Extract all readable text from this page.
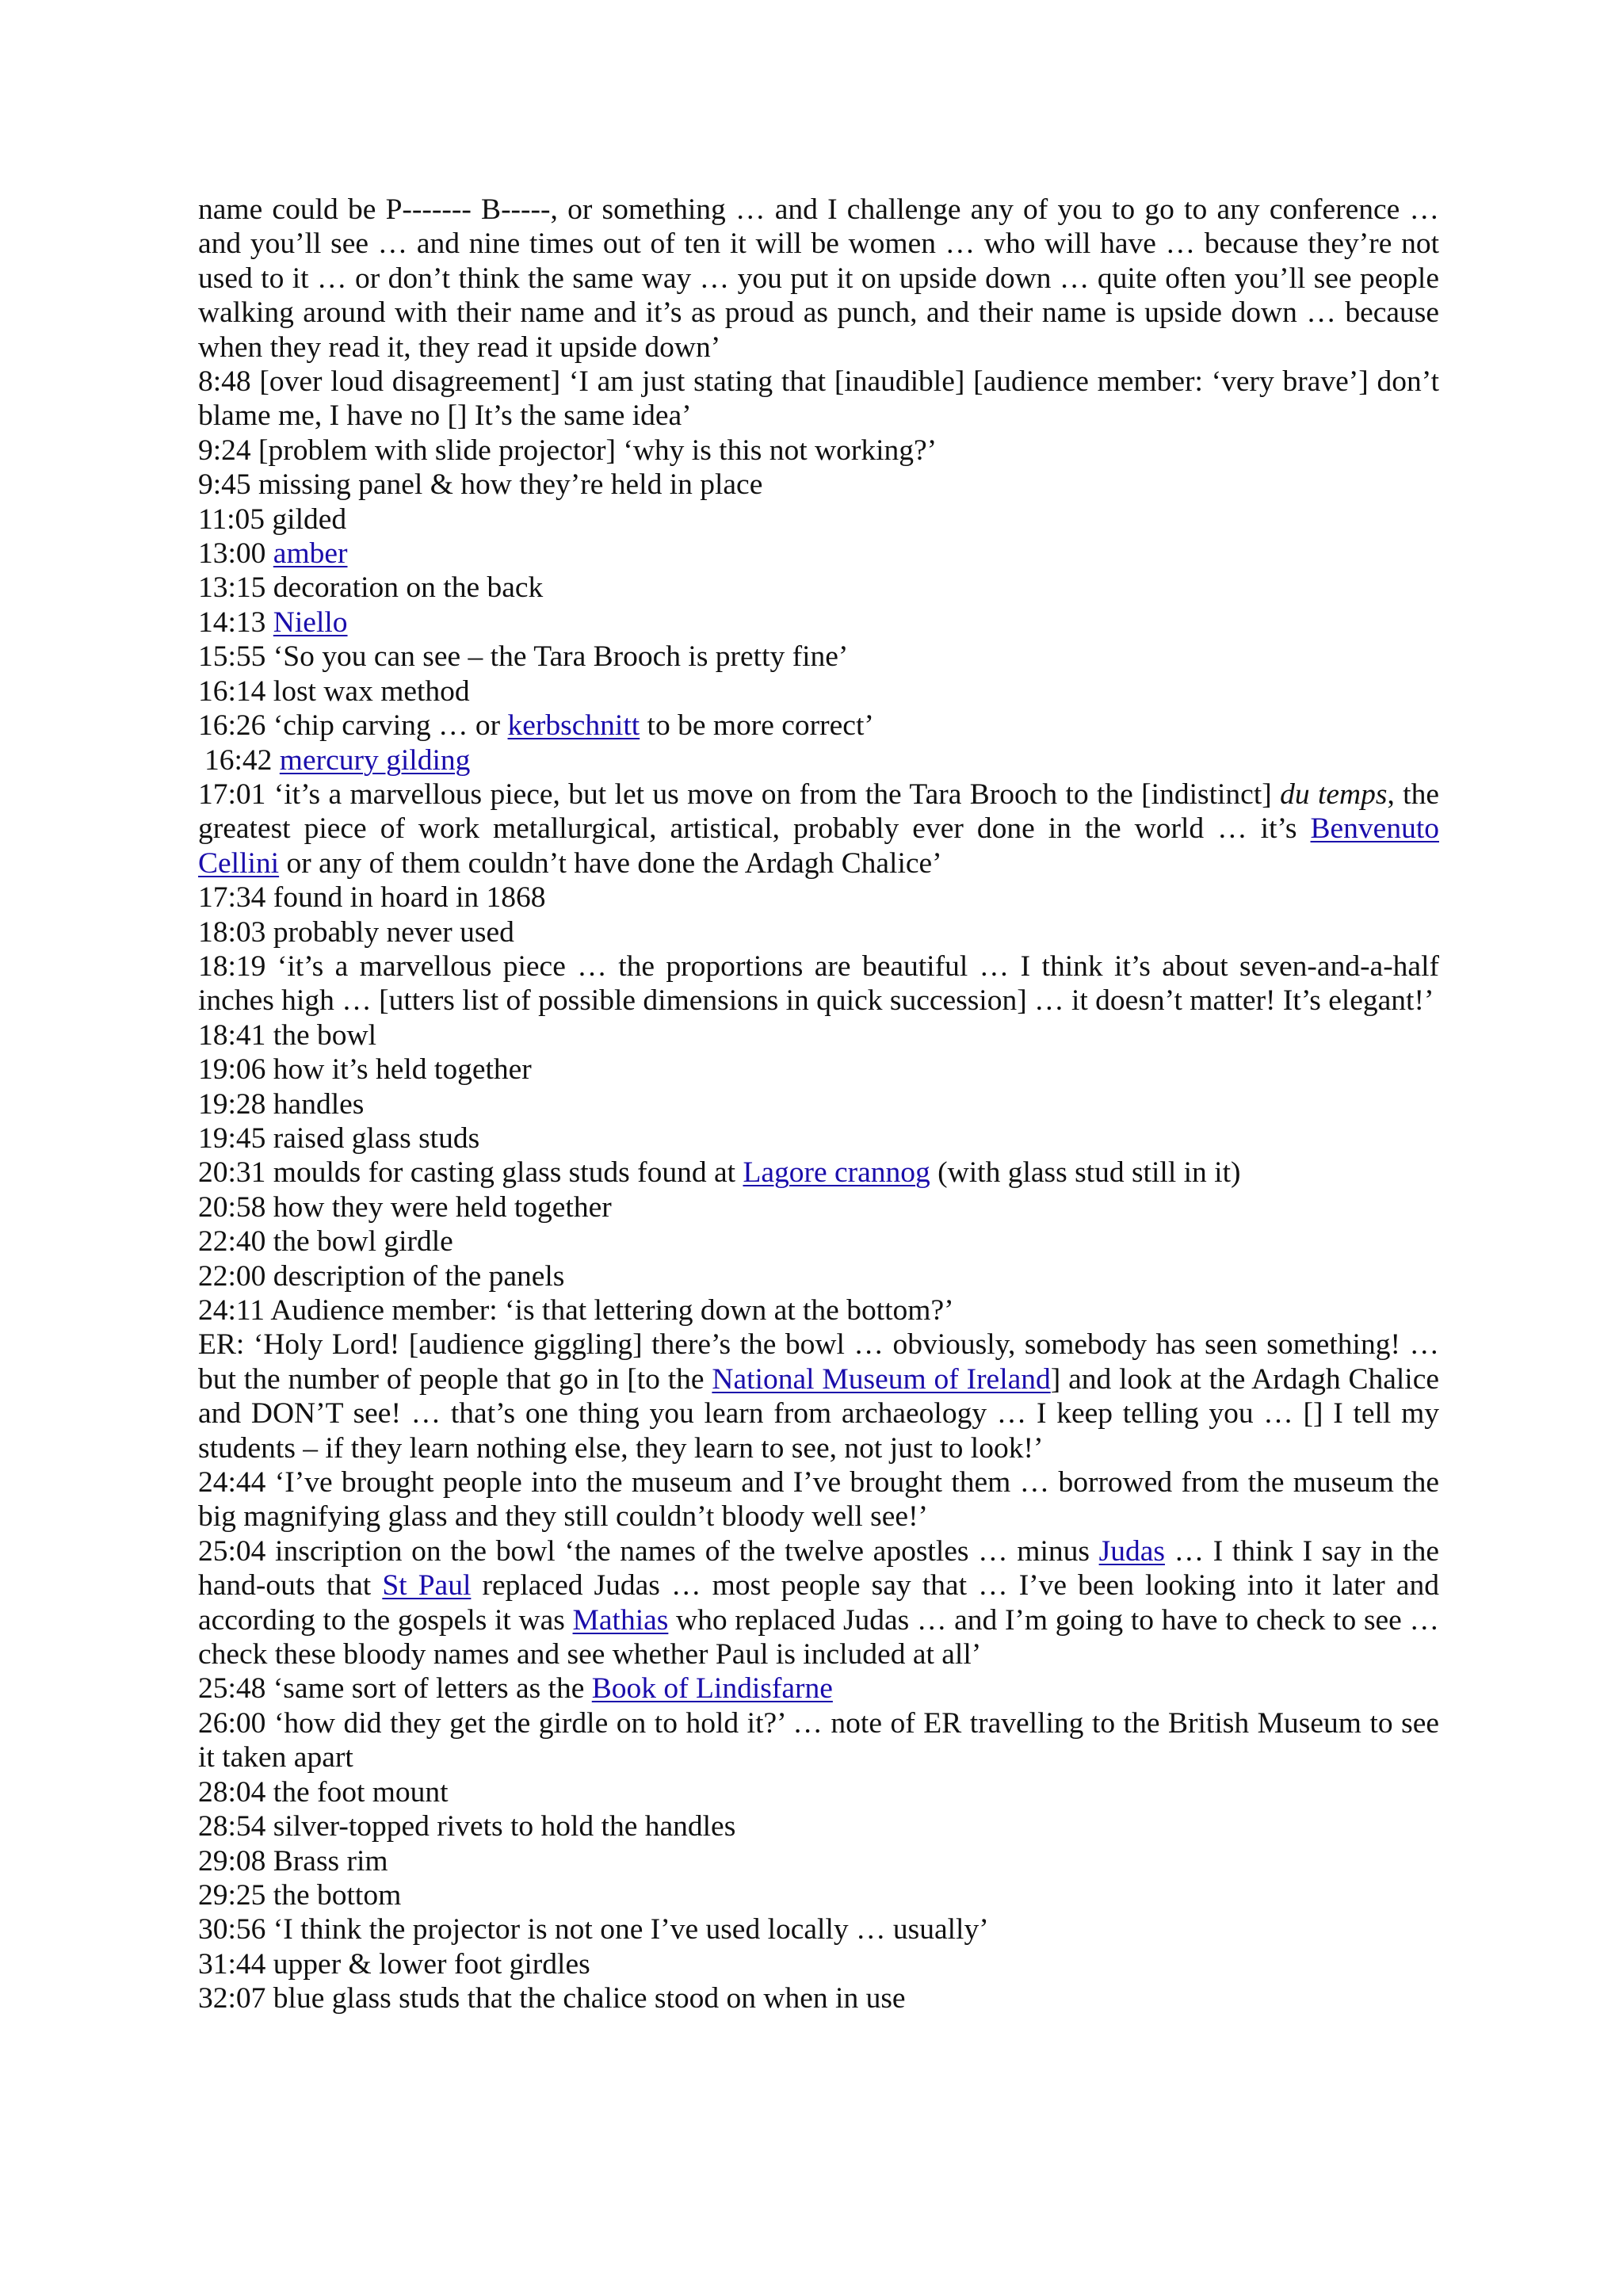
name could be P------- B-----, or something … and I challenge any of you to go to any conference … and you’ll see … and nine times out of ten it will be women … who will have … because they’re not used to it … or don’t think the same way … you put it on upside down … quite often you’ll see people walking around with their name and it’s as proud as punch, and their name is upside down … because when they read it, they read it upside down’

8:48 [over loud disagreement] ‘I am just stating that [inaudible] [audience member: ‘very brave’] don’t blame me, I have no [] It’s the same idea’

9:24 [problem with slide projector] ‘why is this not working?’

9:45 missing panel & how they’re held in place

11:05 gilded

13:00 amber

13:15 decoration on the back

14:13 Niello

15:55 ‘So you can see – the Tara Brooch is pretty fine’

16:14 lost wax method

16:26 ‘chip carving … or kerbschnitt to be more correct’

16:42 mercury gilding

17:01 ‘it’s a marvellous piece, but let us move on from the Tara Brooch to the [indistinct] du temps, the greatest piece of work metallurgical, artistical, probably ever done in the world … it’s Benvenuto Cellini or any of them couldn’t have done the Ardagh Chalice’

17:34 found in hoard in 1868

18:03 probably never used

18:19 ‘it’s a marvellous piece … the proportions are beautiful … I think it’s about seven-and-a-half inches high … [utters list of possible dimensions in quick succession] … it doesn’t matter! It’s elegant!’

18:41 the bowl

19:06 how it’s held together

19:28 handles

19:45 raised glass studs

20:31 moulds for casting glass studs found at Lagore crannog (with glass stud still in it)

20:58 how they were held together

22:40 the bowl girdle

22:00 description of the panels

24:11 Audience member: ‘is that lettering down at the bottom?’

ER: ‘Holy Lord! [audience giggling] there’s the bowl … obviously, somebody has seen something! … but the number of people that go in [to the National Museum of Ireland] and look at the Ardagh Chalice and DON’T see! … that’s one thing you learn from archaeology … I keep telling you … [] I tell my students – if they learn nothing else, they learn to see, not just to look!’

24:44 ‘I’ve brought people into the museum and I’ve brought them … borrowed from the museum the big magnifying glass and they still couldn’t bloody well see!’

25:04 inscription on the bowl ‘the names of the twelve apostles … minus Judas … I think I say in the hand-outs that St Paul replaced Judas … most people say that … I’ve been looking into it later and according to the gospels it was Mathias who replaced Judas … and I’m going to have to check to see … check these bloody names and see whether Paul is included at all’

25:48 ‘same sort of letters as the Book of Lindisfarne

26:00 ‘how did they get the girdle on to hold it?’ … note of ER travelling to the British Museum to see it taken apart

28:04 the foot mount

28:54 silver-topped rivets to hold the handles

29:08 Brass rim

29:25 the bottom

30:56 ‘I think the projector is not one I’ve used locally … usually’

31:44 upper & lower foot girdles

32:07 blue glass studs that the chalice stood on when in use
